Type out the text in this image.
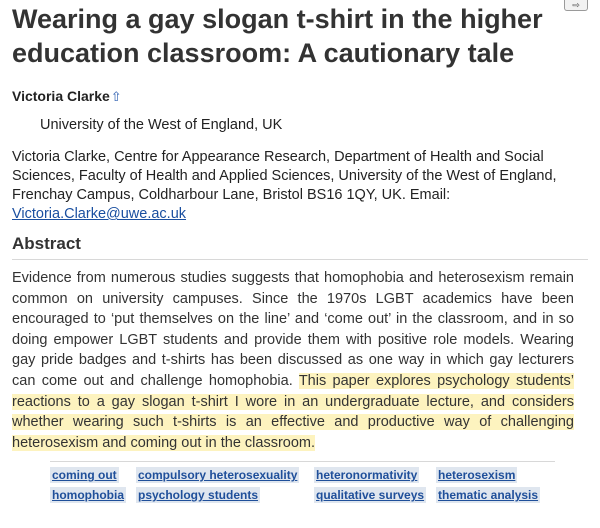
⇨
Wearing a gay slogan t-shirt in the higher education classroom: A cautionary tale
Victoria Clarke⇧
University of the West of England, UK
Victoria Clarke, Centre for Appearance Research, Department of Health and Social Sciences, Faculty of Health and Applied Sciences, University of the West of England, Frenchay Campus, Coldharbour Lane, Bristol BS16 1QY, UK. Email: Victoria.Clarke@uwe.ac.uk
Abstract
Evidence from numerous studies suggests that homophobia and heterosexism remain common on university campuses. Since the 1970s LGBT academics have been encouraged to ‘put themselves on the line’ and ‘come out’ in the classroom, and in so doing empower LGBT students and provide them with positive role models. Wearing gay pride badges and t-shirts has been discussed as one way in which gay lecturers can come out and challenge homophobia. This paper explores psychology students’ reactions to a gay slogan t-shirt I wore in an undergraduate lecture, and considers whether wearing such t-shirts is an effective and productive way of challenging heterosexism and coming out in the classroom.
coming out	compulsory heterosexuality	heteronormativity	heterosexism
homophobia	psychology students	qualitative surveys	thematic analysis
